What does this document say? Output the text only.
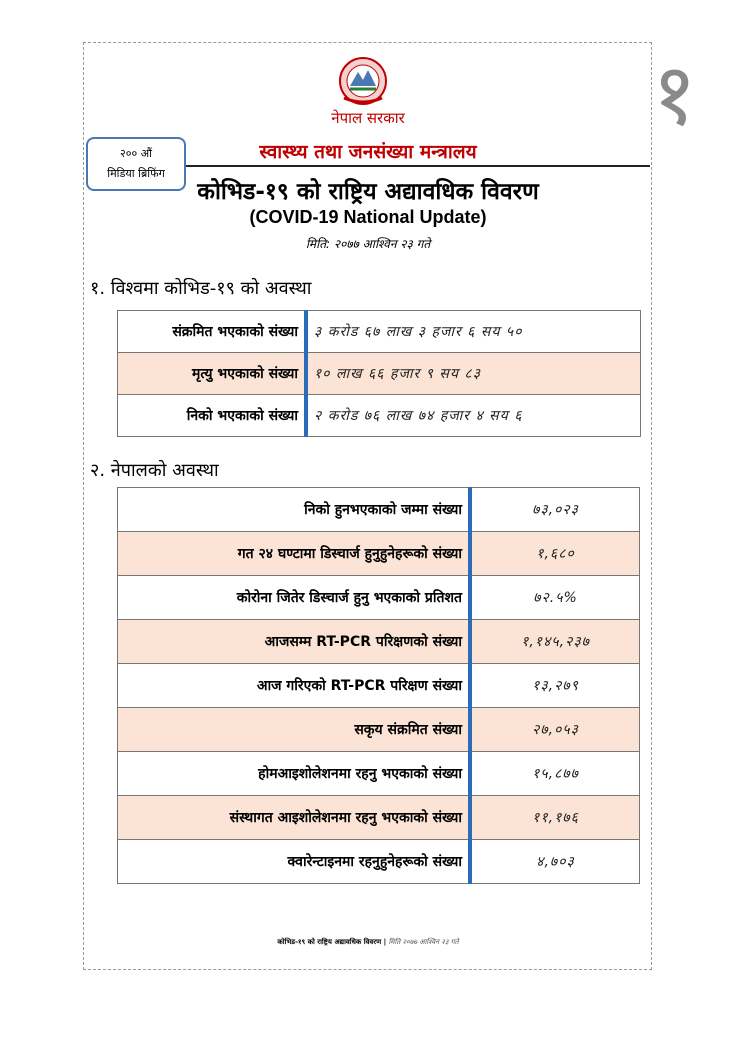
१
नेपाल सरकार
स्वास्थ्य तथा जनसंख्या मन्त्रालय
२०० औं
मिडिया ब्रिफिंग
कोभिड-१९ को राष्ट्रिय अद्यावधिक विवरण
(COVID-19 National Update)
मिति: २०७७ आश्विन २३ गते
१. विश्वमा कोभिड-१९ को अवस्था
संक्रमित भएकाको संख्या	३ करोड ६७ लाख ३ हजार ६ सय ५०
मृत्यु भएकाको संख्या	१० लाख ६६ हजार ९ सय ८३
निको भएकाको संख्या	२ करोड ७६ लाख ७४ हजार ४ सय ६
२. नेपालको अवस्था
निको हुनभएकाको जम्मा संख्या	७३,०२३
गत २४ घण्टामा डिस्चार्ज हुनुहुनेहरूको संख्या	१,६८०
कोरोना जितेर डिस्चार्ज हुनु भएकाको प्रतिशत	७२.५%
आजसम्म RT-PCR परिक्षणको संख्या	१,१४५,२३७
आज गरिएको RT-PCR परिक्षण संख्या	१३,२७९
सकृय संक्रमित संख्या	२७,०५३
होमआइशोलेशनमा रहनु भएकाको संख्या	१५,८७७
संस्थागत आइशोलेशनमा रहनु भएकाको संख्या	११,१७६
क्वारेन्टाइनमा रहनुहुनेहरूको संख्या	४,७०३
कोभिड-१९ को राष्ट्रिय अद्यावधिक विवरण | मिति २०७७ आश्विन २३ गते
